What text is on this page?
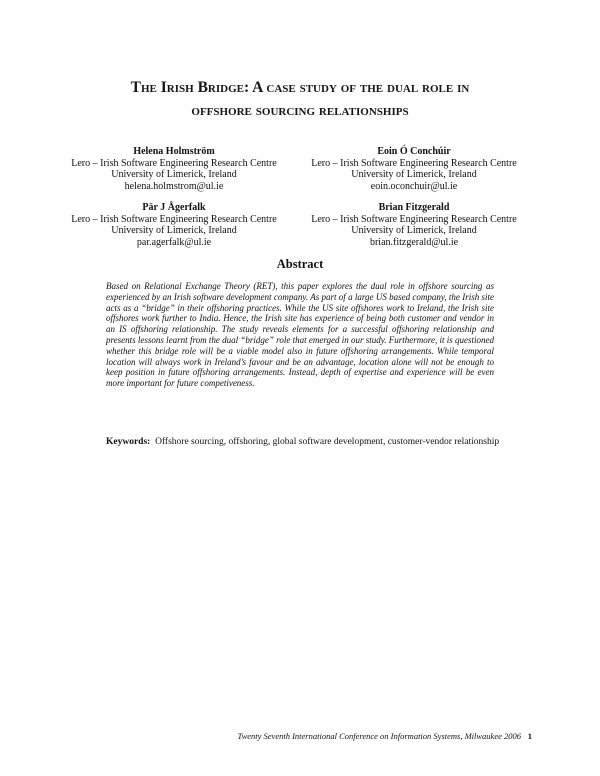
The Irish Bridge: A case study of the dual role in
offshore sourcing relationships
Helena Holmström
Lero – Irish Software Engineering Research Centre
University of Limerick, Ireland
helena.holmstrom@ul.ie
Eoin Ó Conchúir
Lero – Irish Software Engineering Research Centre
University of Limerick, Ireland
eoin.oconchuir@ul.ie
Pär J Ågerfalk
Lero – Irish Software Engineering Research Centre
University of Limerick, Ireland
par.agerfalk@ul.ie
Brian Fitzgerald
Lero – Irish Software Engineering Research Centre
University of Limerick, Ireland
brian.fitzgerald@ul.ie
Abstract
Based on Relational Exchange Theory (RET), this paper explores the dual role in offshore sourcing as experienced by an Irish software development company. As part of a large US based company, the Irish site acts as a “bridge” in their offshoring practices. While the US site offshores work to Ireland, the Irish site offshores work further to India. Hence, the Irish site has experience of being both customer and vendor in an IS offshoring relationship. The study reveals elements for a successful offshoring relationship and presents lessons learnt from the dual “bridge” role that emerged in our study. Furthermore, it is questioned whether this bridge role will be a viable model also in future offshoring arrangements. While temporal location will always work in Ireland’s favour and be an advantage, location alone will not be enough to keep position in future offshoring arrangements. Instead, depth of expertise and experience will be even more important for future competiveness.
Keywords: Offshore sourcing, offshoring, global software development, customer-vendor relationship
Twenty Seventh International Conference on Information Systems, Milwaukee 2006 1
